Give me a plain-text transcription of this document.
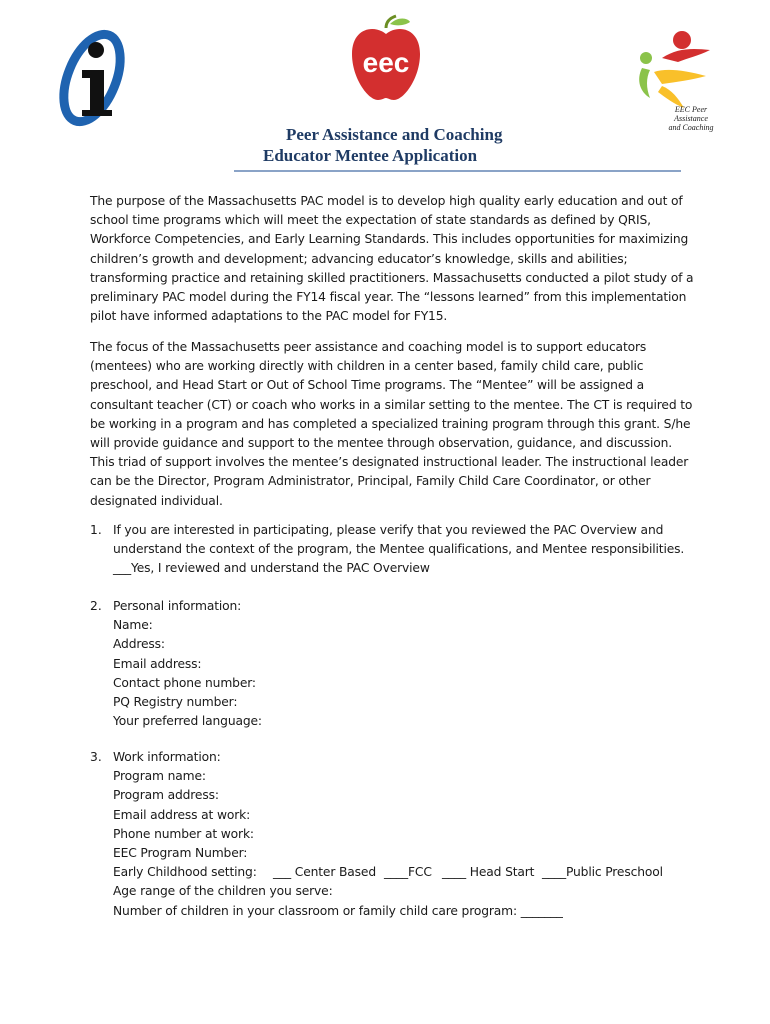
eec
EEC Peer Assistance
and Coaching
Peer Assistance and Coaching
Educator Mentee Application
The purpose of the Massachusetts PAC model is to develop high quality early education and out of
school time programs which will meet the expectation of state standards as defined by QRIS,
Workforce Competencies, and Early Learning Standards. This includes opportunities for maximizing
children’s growth and development; advancing educator’s knowledge, skills and abilities;
transforming practice and retaining skilled practitioners. Massachusetts conducted a pilot study of a
preliminary PAC model during the FY14 fiscal year. The “lessons learned” from this implementation
pilot have informed adaptations to the PAC model for FY15.
The focus of the Massachusetts peer assistance and coaching model is to support educators
(mentees) who are working directly with children in a center based, family child care, public
preschool, and Head Start or Out of School Time programs. The “Mentee” will be assigned a
consultant teacher (CT) or coach who works in a similar setting to the mentee. The CT is required to
be working in a program and has completed a specialized training program through this grant. S/he
will provide guidance and support to the mentee through observation, guidance, and discussion.
This triad of support involves the mentee’s designated instructional leader. The instructional leader
can be the Director, Program Administrator, Principal, Family Child Care Coordinator, or other
designated individual.
1. If you are interested in participating, please verify that you reviewed the PAC Overview and
understand the context of the program, the Mentee qualifications, and Mentee responsibilities.
___Yes, I reviewed and understand the PAC Overview
2. Personal information:
Name:
Address:
Email address:
Contact phone number:
PQ Registry number:
Your preferred language:
3. Work information:
Program name:
Program address:
Email address at work:
Phone number at work:
EEC Program Number:
Early Childhood setting:	___ Center Based ____FCC ____ Head Start ____Public Preschool
Age range of the children you serve:
Number of children in your classroom or family child care program: _______
